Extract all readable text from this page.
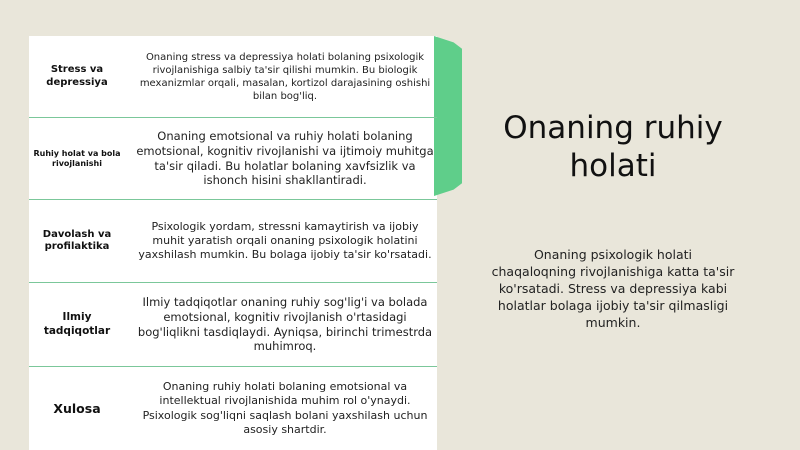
Stress va depressiya
Onaning stress va depressiya holati bolaning psixologik rivojlanishiga salbiy ta'sir qilishi mumkin. Bu biologik mexanizmlar orqali, masalan, kortizol darajasining oshishi bilan bog'liq.
Ruhiy holat va bola rivojlanishi
Onaning emotsional va ruhiy holati bolaning emotsional, kognitiv rivojlanishi va ijtimoiy muhitga ta'sir qiladi. Bu holatlar bolaning xavfsizlik va ishonch hisini shakllantiradi.
Davolash va profilaktika
Psixologik yordam, stressni kamaytirish va ijobiy muhit yaratish orqali onaning psixologik holatini yaxshilash mumkin. Bu bolaga ijobiy ta'sir ko'rsatadi.
Ilmiy tadqiqotlar
Ilmiy tadqiqotlar onaning ruhiy sog'lig'i va bolada emotsional, kognitiv rivojlanish o'rtasidagi bog'liqlikni tasdiqlaydi. Ayniqsa, birinchi trimestrda muhimroq.
Xulosa
Onaning ruhiy holati bolaning emotsional va intellektual rivojlanishida muhim rol o'ynaydi. Psixologik sog'liqni saqlash bolani yaxshilash uchun asosiy shartdir.
Onaning ruhiy holati

Onaning psixologik holati chaqaloqning rivojlanishiga katta ta'sir ko'rsatadi. Stress va depressiya kabi holatlar bolaga ijobiy ta'sir qilmasligi mumkin.
